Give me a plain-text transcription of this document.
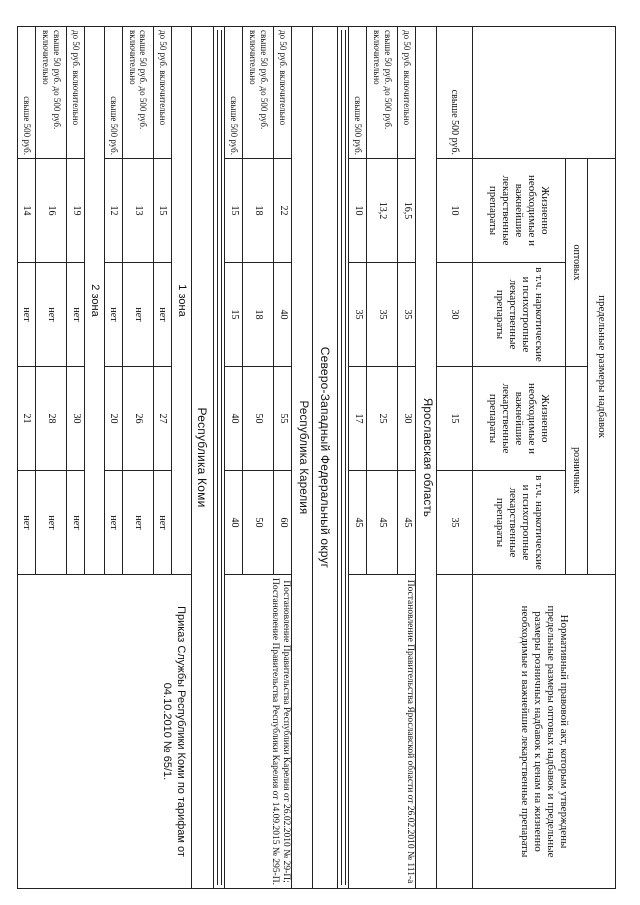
	предельные размеры надбавок				Нормативный правовой акт, которым утверждены предельные размеры оптовых надбавок и предельные размеры розничных надбавок к ценам на жизненно необходимые и важнейшие лекарственные препараты
	оптовых		розничных		
	Жизненно необходимые и важнейшие лекарственные препараты	в т.ч. наркотические и психотропные лекарственные препараты	Жизненно необходимые и важнейшие лекарственные препараты	в т.ч. наркотические и психотропные лекарственные препараты	
свыше 500 руб.	10	30	15	35	
Ярославская область					
до 50 руб. включительно	16,5	35	30	45	Постановление Правительства Ярославской области от 26.02.2010 № 111-а
свыше 50 руб. до 500 руб. включительно	13,2	35	25	45	
свыше 500 руб.	10	35	17	45	

Северо-Западный Федеральный округ					
Республика Карелия					
до 50 руб. включительно	22	40	55	60	Постановление Правительства Республики Карелия от 26.02.2010 № 29-П;
Постановление Правительства Республики Карелия от 14.09.2015 № 295-П.

свыше 50 руб. до 500 руб. включительно	18	18	50	50	
свыше 500 руб.	15	15	40	40	

Республика Коми					
1 зона					Приказ Службы Республики Коми по тарифам от 04.10.2010 № 65/1.
до 50 руб. включительно	15	нет	27	нет	
свыше 50 руб. до 500 руб. включительно	13	нет	26	нет	
свыше 500 руб.	12	нет	20	нет	
2 зона					
до 50 руб. включительно	19	нет	30	нет	
свыше 50 руб. до 500 руб. включительно	16	нет	28	нет	
свыше 500 руб.	14	нет	21	нет	
